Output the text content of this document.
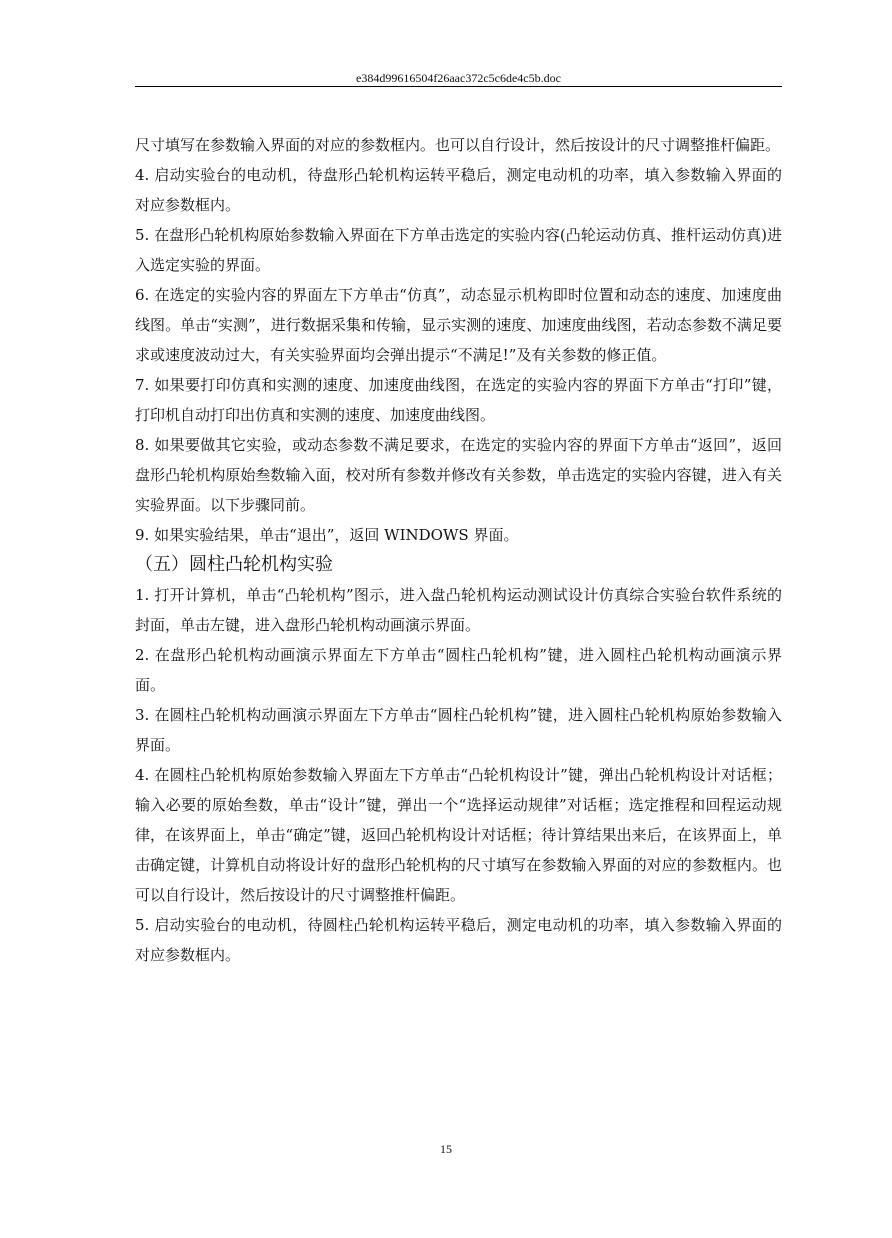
e384d99616504f26aac372c5c6de4c5b.doc

尺寸填写在参数输入界面的对应的参数框内。也可以自行设计，然后按设计的尺寸调整推杆偏距。

4. 启动实验台的电动机，待盘形凸轮机构运转平稳后，测定电动机的功率，填入参数输入界面的对应参数框内。

5. 在盘形凸轮机构原始参数输入界面在下方单击选定的实验内容(凸轮运动仿真、推杆运动仿真)进入选定实验的界面。

6. 在选定的实验内容的界面左下方单击“仿真”，动态显示机构即时位置和动态的速度、加速度曲线图。单击“实测”，进行数据采集和传输，显示实测的速度、加速度曲线图，若动态参数不满足要求或速度波动过大，有关实验界面均会弹出提示“不满足!”及有关参数的修正值。

7. 如果要打印仿真和实测的速度、加速度曲线图，在选定的实验内容的界面下方单击“打印”键，打印机自动打印出仿真和实测的速度、加速度曲线图。

8. 如果要做其它实验，或动态参数不满足要求，在选定的实验内容的界面下方单击“返回”，返回盘形凸轮机构原始叁数输入面，校对所有参数并修改有关参数，单击选定的实验内容键，进入有关实验界面。以下步骤同前。

9. 如果实验结果，单击“退出”，返回 WINDOWS 界面。

（五）圆柱凸轮机构实验

1. 打开计算机，单击“凸轮机构”图示，进入盘凸轮机构运动测试设计仿真综合实验台软件系统的封面，单击左键，进入盘形凸轮机构动画演示界面。

2. 在盘形凸轮机构动画演示界面左下方单击“圆柱凸轮机构”键，进入圆柱凸轮机构动画演示界面。

3. 在圆柱凸轮机构动画演示界面左下方单击“圆柱凸轮机构”键，进入圆柱凸轮机构原始参数输入界面。

4. 在圆柱凸轮机构原始参数输入界面左下方单击“凸轮机构设计”键，弹出凸轮机构设计对话框；输入必要的原始叁数，单击“设计”键，弹出一个“选择运动规律”对话框；选定推程和回程运动规律，在该界面上，单击“确定”键，返回凸轮机构设计对话框；待计算结果出来后，在该界面上，单击确定键，计算机自动将设计好的盘形凸轮机构的尺寸填写在参数输入界面的对应的参数框内。也可以自行设计，然后按设计的尺寸调整推杆偏距。

5. 启动实验台的电动机，待圆柱凸轮机构运转平稳后，测定电动机的功率，填入参数输入界面的对应参数框内。

15
